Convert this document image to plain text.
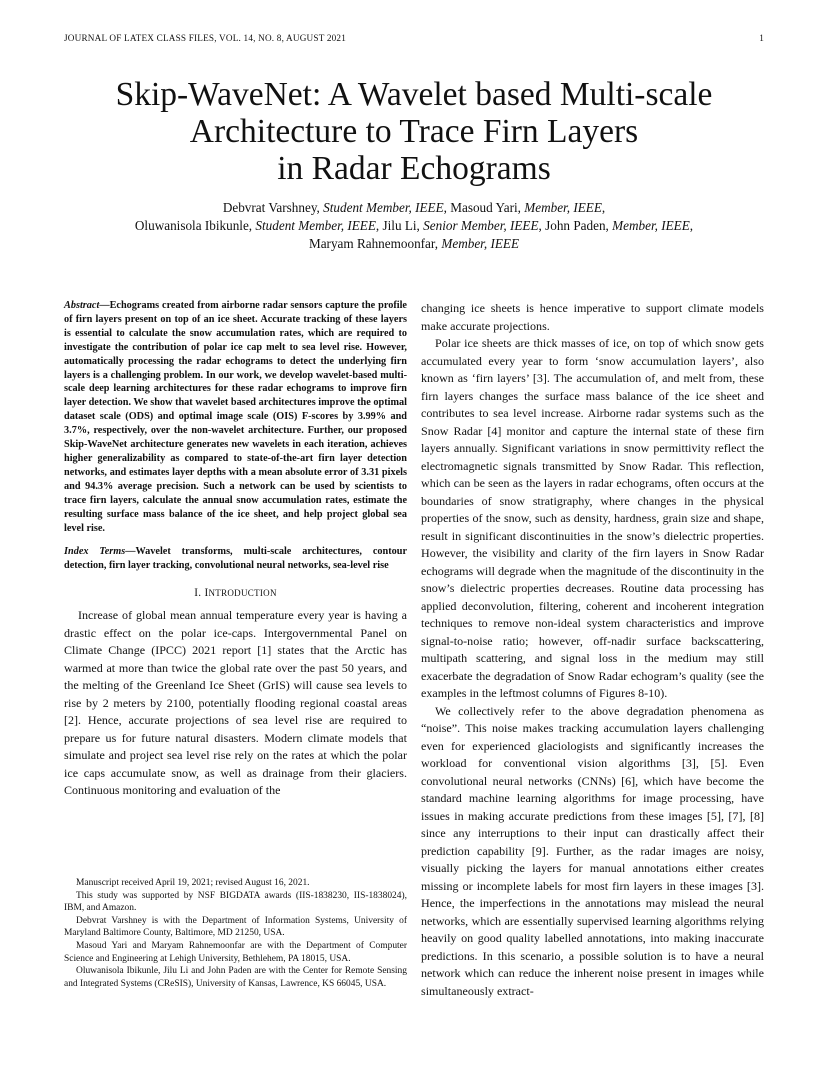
JOURNAL OF LATEX CLASS FILES, VOL. 14, NO. 8, AUGUST 2021	1
Skip-WaveNet: A Wavelet based Multi-scale
Architecture to Trace Firn Layers
in Radar Echograms
Debvrat Varshney, Student Member, IEEE, Masoud Yari, Member, IEEE,
Oluwanisola Ibikunle, Student Member, IEEE, Jilu Li, Senior Member, IEEE, John Paden, Member, IEEE,
Maryam Rahnemoonfar, Member, IEEE

Abstract—Echograms created from airborne radar sensors capture the profile of firn layers present on top of an ice sheet. Accurate tracking of these layers is essential to calculate the snow accumulation rates, which are required to investigate the contribution of polar ice cap melt to sea level rise. However, automatically processing the radar echograms to detect the underlying firn layers is a challenging problem. In our work, we develop wavelet-based multi-scale deep learning architectures for these radar echograms to improve firn layer detection. We show that wavelet based architectures improve the optimal dataset scale (ODS) and optimal image scale (OIS) F-scores by 3.99% and 3.7%, respectively, over the non-wavelet architecture. Further, our proposed Skip-WaveNet architecture generates new wavelets in each iteration, achieves higher generalizability as compared to state-of-the-art firn layer detection networks, and estimates layer depths with a mean absolute error of 3.31 pixels and 94.3% average precision. Such a network can be used by scientists to trace firn layers, calculate the annual snow accumulation rates, estimate the resulting surface mass balance of the ice sheet, and help project global sea level rise.

Index Terms—Wavelet transforms, multi-scale architectures, contour detection, firn layer tracking, convolutional neural networks, sea-level rise

I. INTRODUCTION

Increase of global mean annual temperature every year is having a drastic effect on the polar ice-caps. Intergovernmental Panel on Climate Change (IPCC) 2021 report [1] states that the Arctic has warmed at more than twice the global rate over the past 50 years, and the melting of the Greenland Ice Sheet (GrIS) will cause sea levels to rise by 2 meters by 2100, potentially flooding regional coastal areas [2]. Hence, accurate projections of sea level rise are required to prepare us for future natural disasters. Modern climate models that simulate and project sea level rise rely on the rates at which the polar ice caps accumulate snow, as well as drainage from their glaciers. Continuous monitoring and evaluation of the

Manuscript received April 19, 2021; revised August 16, 2021.

This study was supported by NSF BIGDATA awards (IIS-1838230, IIS-1838024), IBM, and Amazon.

Debvrat Varshney is with the Department of Information Systems, University of Maryland Baltimore County, Baltimore, MD 21250, USA.

Masoud Yari and Maryam Rahnemoonfar are with the Department of Computer Science and Engineering at Lehigh University, Bethlehem, PA 18015, USA.

Oluwanisola Ibikunle, Jilu Li and John Paden are with the Center for Remote Sensing and Integrated Systems (CReSIS), University of Kansas, Lawrence, KS 66045, USA.

changing ice sheets is hence imperative to support climate models make accurate projections.

Polar ice sheets are thick masses of ice, on top of which snow gets accumulated every year to form ‘snow accumulation layers’, also known as ‘firn layers’ [3]. The accumulation of, and melt from, these firn layers changes the surface mass balance of the ice sheet and contributes to sea level increase. Airborne radar systems such as the Snow Radar [4] monitor and capture the internal state of these firn layers annually. Significant variations in snow permittivity reflect the electromagnetic signals transmitted by Snow Radar. This reflection, which can be seen as the layers in radar echograms, often occurs at the boundaries of snow stratigraphy, where changes in the physical properties of the snow, such as density, hardness, grain size and shape, result in significant discontinuities in the snow’s dielectric properties. However, the visibility and clarity of the firn layers in Snow Radar echograms will degrade when the magnitude of the discontinuity in the snow’s dielectric properties decreases. Routine data processing has applied deconvolution, filtering, coherent and incoherent integration techniques to remove non-ideal system characteristics and improve signal-to-noise ratio; however, off-nadir surface backscattering, multipath scattering, and signal loss in the medium may still exacerbate the degradation of Snow Radar echogram’s quality (see the examples in the leftmost columns of Figures 8-10).

We collectively refer to the above degradation phenomena as “noise”. This noise makes tracking accumulation layers challenging even for experienced glaciologists and significantly increases the workload for conventional vision algorithms [3], [5]. Even convolutional neural networks (CNNs) [6], which have become the standard machine learning algorithms for image processing, have issues in making accurate predictions from these images [5], [7], [8] since any interruptions to their input can drastically affect their prediction capability [9]. Further, as the radar images are noisy, visually picking the layers for manual annotations either creates missing or incomplete labels for most firn layers in these images [3]. Hence, the imperfections in the annotations may mislead the neural networks, which are essentially supervised learning algorithms relying heavily on good quality labelled annotations, into making inaccurate predictions. In this scenario, a possible solution is to have a neural network which can reduce the inherent noise present in images while simultaneously extract-
